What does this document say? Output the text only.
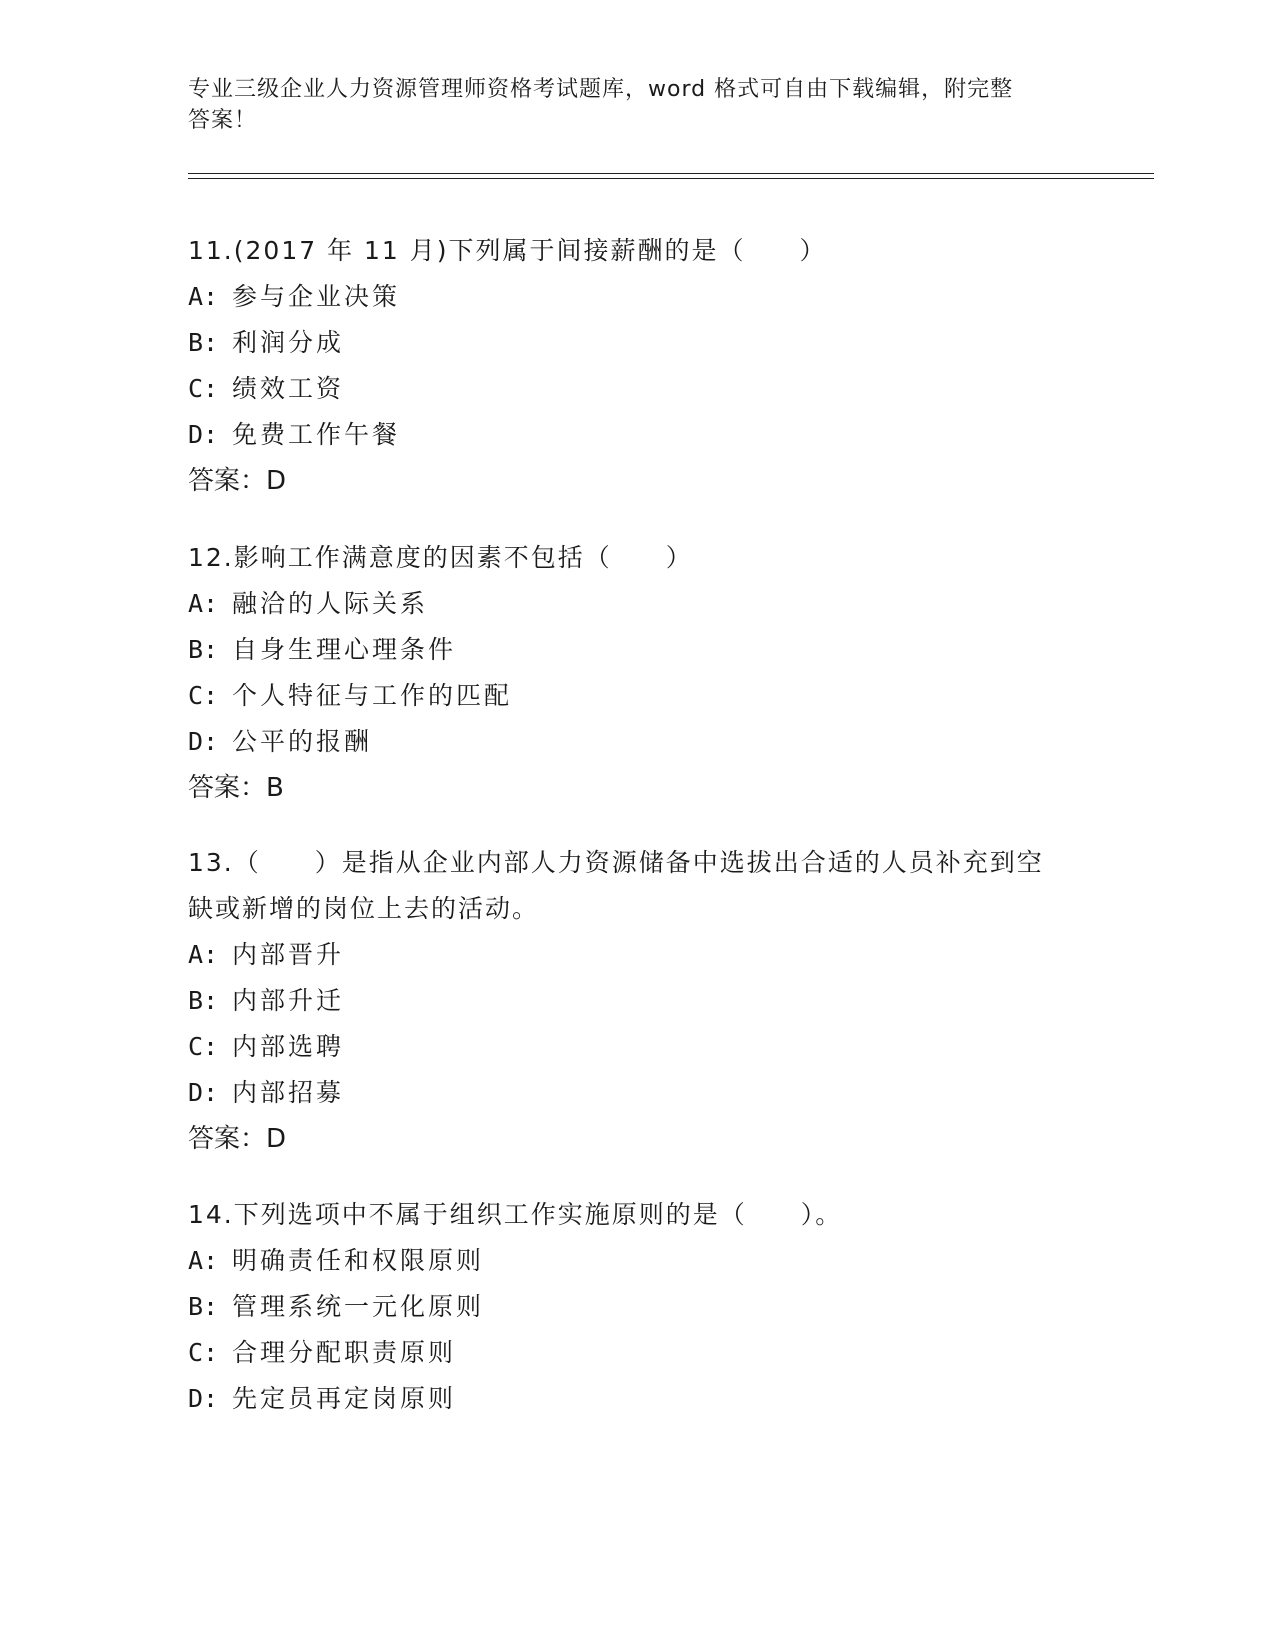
专业三级企业人力资源管理师资格考试题库，word 格式可自由下载编辑，附完整
答案！

11.(2017 年 11 月)下列属于间接薪酬的是（　　）

A: 参与企业决策
B: 利润分成
C: 绩效工资
D: 免费工作午餐
答案：D

12.影响工作满意度的因素不包括（　　）

A: 融洽的人际关系
B: 自身生理心理条件
C: 个人特征与工作的匹配
D: 公平的报酬
答案：B

13.（　　）是指从企业内部人力资源储备中选拔出合适的人员补充到空缺或新增的岗位上去的活动。

A: 内部晋升
B: 内部升迁
C: 内部选聘
D: 内部招募
答案：D

14.下列选项中不属于组织工作实施原则的是（　　）。

A: 明确责任和权限原则
B: 管理系统一元化原则
C: 合理分配职责原则
D: 先定员再定岗原则
